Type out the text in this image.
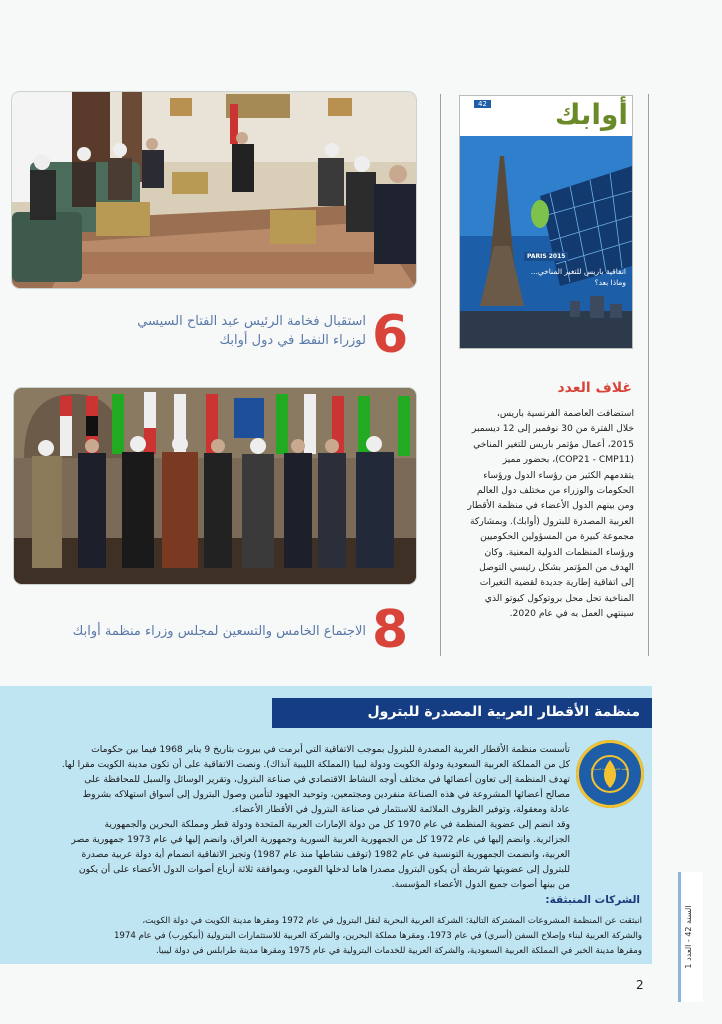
6
استقبال فخامة الرئيس عبد الفتاح السيسي
لوزراء النفط في دول أوابك
8
الاجتماع الخامس والتسعين لمجلس وزراء منظمة أوابك
42	أوابك
PARIS 2015
اتفاقية باريس للتغير المناخي...
وماذا بعد؟
غلاف العدد
استضافت العاصمة الفرنسية باريس،
خلال الفترة من 30 نوفمبر إلى 12 ديسمبر
2015، أعمال مؤتمر باريس للتغير المناخي
(COP21 - CMP11)، بحضور مميز
يتقدمهم الكثير من رؤساء الدول ورؤساء
الحكومات والوزراء من مختلف دول العالم
ومن بينهم الدول الأعضاء في منظمة الأقطار
العربية المصدرة للبترول (أوابك). وبمشاركة
مجموعة كبيرة من المسؤولين الحكوميين
ورؤساء المنظمات الدولية المعنية. وكان
الهدف من المؤتمر بشكل رئيسي التوصل
إلى اتفاقية إطارية جديدة لقضية التغيرات
المناخية تحل محل بروتوكول كيوتو الذي
سينتهي العمل به في عام 2020.
منظمة الأقطار العربية المصدرة للبترول
منظمة الأقطار العربية المصدرة للبترول
تأسست منظمة الأقطار العربية المصدرة للبترول بموجب الاتفاقية التي أبرمت في بيروت بتاريخ 9 يناير 1968 فيما بين حكومات
كل من المملكة العربية السعودية ودولة الكويت ودولة ليبيا (المملكة الليبية آنذاك). ونصت الاتفاقية على أن تكون مدينة الكويت مقرا لها.
تهدف المنظمة إلى تعاون أعضائها في مختلف أوجه النشاط الاقتصادي في صناعة البترول، وتقرير الوسائل والسبل للمحافظة على
مصالح أعضائها المشروعة في هذه الصناعة منفردين ومجتمعين، وتوحيد الجهود لتأمين وصول البترول إلى أسواق استهلاكه بشروط
عادلة ومعقولة، وتوفير الظروف الملائمة للاستثمار في صناعة البترول في الأقطار الأعضاء.
وقد انضم إلى عضوية المنظمة في عام 1970 كل من دولة الإمارات العربية المتحدة ودولة قطر ومملكة البحرين والجمهورية
الجزائرية. وانضم إليها في عام 1972 كل من الجمهورية العربية السورية وجمهورية العراق، وانضم إليها في عام 1973 جمهورية مصر
العربية، وانضمت الجمهورية التونسية في عام 1982 (توقف نشاطها منذ عام 1987) وتجيز الاتفاقية انضمام أية دولة عربية مصدرة
للبترول إلى عضويتها شريطة أن يكون البترول مصدرا هاما لدخلها القومي، وبموافقة ثلاثة أرباع أصوات الدول الأعضاء على أن يكون
من بينها أصوات جميع الدول الأعضاء المؤسسة.
الشركات المنبثقة:
انبثقت عن المنظمة المشروعات المشتركة التالية: الشركة العربية البحرية لنقل البترول في عام 1972 ومقرها مدينة الكويت في دولة الكويت،
والشركة العربية لبناء وإصلاح السفن (أسري) في عام 1973، ومقرها مملكة البحرين، والشركة العربية للاستثمارات البترولية (أبيكورب) في عام 1974
ومقرها مدينة الخبر في المملكة العربية السعودية، والشركة العربية للخدمات البترولية في عام 1975 ومقرها مدينة طرابلس في دولة ليبيا.
السنة 42 - العدد 1
2
